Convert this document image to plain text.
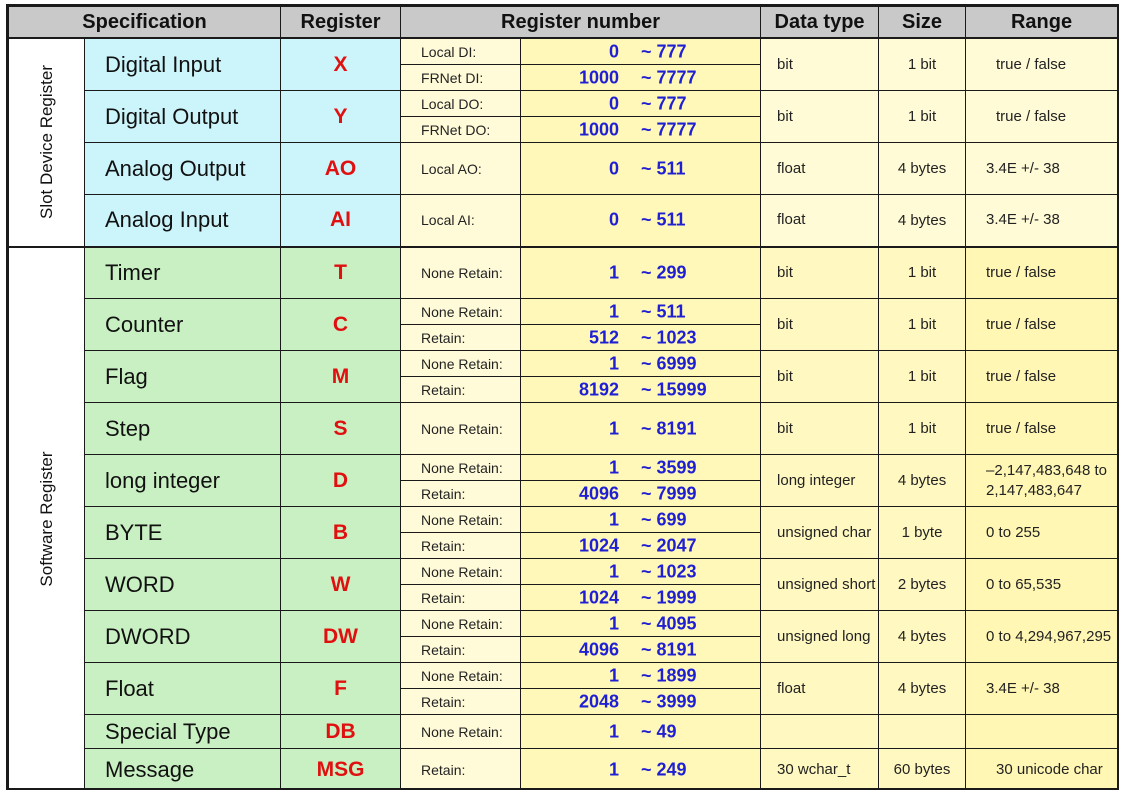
Specification		Register	Register number		Data type	Size	Range

Slot Device Register	Digital Input	X	Local DI:	0 ~ 777	bit	1 bit	true / false
			FRNet DI:	1000 ~ 7777			

	Digital Output	Y	Local DO:	0 ~ 777	bit	1 bit	true / false
			FRNet DO:	1000 ~ 7777			

	Analog Output	AO	Local AO:	0 ~ 511	float	4 bytes	3.4E +/- 38
	Analog Input	AI	Local AI:	0 ~ 511	float	4 bytes	3.4E +/- 38

Software Register	Timer	T	None Retain:	1 ~ 299	bit	1 bit	true / false
	Counter	C	None Retain:	1 ~ 511	bit	1 bit	true / false
			Retain:	512 ~ 1023			

	Flag	M	None Retain:	1 ~ 6999	bit	1 bit	true / false
			Retain:	8192 ~ 15999			

	Step	S	None Retain:	1 ~ 8191	bit	1 bit	true / false
	long integer	D	None Retain:	1 ~ 3599	long integer	4 bytes	–2,147,483,648 to 2,147,483,647
			Retain:	4096 ~ 7999			

	BYTE	B	None Retain:	1 ~ 699	unsigned char	1 byte	0 to 255
			Retain:	1024 ~ 2047			

	WORD	W	None Retain:	1 ~ 1023	unsigned short	2 bytes	0 to 65,535
			Retain:	1024 ~ 1999			

	DWORD	DW	None Retain:	1 ~ 4095	unsigned long	4 bytes	0 to 4,294,967,295
			Retain:	4096 ~ 8191			

	Float	F	None Retain:	1 ~ 1899	float	4 bytes	3.4E +/- 38
			Retain:	2048 ~ 3999			

	Special Type	DB	None Retain:	1 ~ 49			

	Message	MSG	Retain:	1 ~ 249	30 wchar_t	60 bytes	30 unicode char
